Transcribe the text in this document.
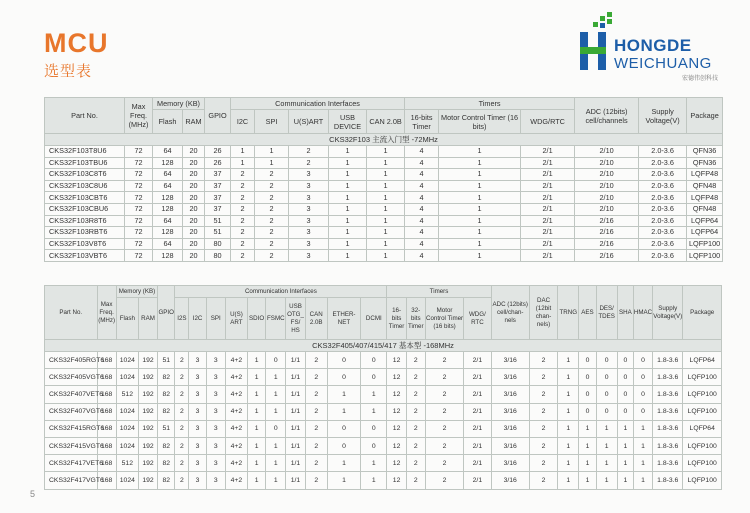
MCU
选型表
HONGDE
WEICHUANG
宏德伟创科技
Part No.	Max Freq. (MHz)	Memory (KB)		GPIO	Communication Interfaces					Timers			ADC (12bits) cell/channels	Supply Voltage(V)	Package
		Flash	RAM		I2C	SPI	U(S)ART	USB DEVICE	CAN 2.0B	16-bits Timer	Motor Control Timer (16 bits)	WDG/RTC			
CKS32F103 主流入门型 -72MHz															
CKS32F103T8U6	72	64	20	26	1	1	2	1	1	4	1	2/1	2/10	2.0-3.6	QFN36
CKS32F103TBU6	72	128	20	26	1	1	2	1	1	4	1	2/1	2/10	2.0-3.6	QFN36
CKS32F103C8T6	72	64	20	37	2	2	3	1	1	4	1	2/1	2/10	2.0-3.6	LQFP48
CKS32F103C8U6	72	64	20	37	2	2	3	1	1	4	1	2/1	2/10	2.0-3.6	QFN48
CKS32F103CBT6	72	128	20	37	2	2	3	1	1	4	1	2/1	2/10	2.0-3.6	LQFP48
CKS32F103CBU6	72	128	20	37	2	2	3	1	1	4	1	2/1	2/10	2.0-3.6	QFN48
CKS32F103R8T6	72	64	20	51	2	2	3	1	1	4	1	2/1	2/16	2.0-3.6	LQFP64
CKS32F103RBT6	72	128	20	51	2	2	3	1	1	4	1	2/1	2/16	2.0-3.6	LQFP64
CKS32F103V8T6	72	64	20	80	2	2	3	1	1	4	1	2/1	2/16	2.0-3.6	LQFP100
CKS32F103VBT6	72	128	20	80	2	2	3	1	1	4	1	2/1	2/16	2.0-3.6	LQFP100
Part No.	Max Freq. (MHz)	Memory (KB)		GPIO	Communication Interfaces										Timers				ADC (12bits) cell/chan- nels	DAC (12bit chan- nels)	TRNG	AES	DES/ TDES	SHA	HMAC	Supply Voltage(V)	Package
		Flash	RAM		I2S	I2C	SPI	U(S) ART	SDIO	FSMC	USB OTG_ FS/ HS	CAN 2.0B	ETHER- NET	DCMI	16- bits Timer	32- bits Timer	Motor Control Timer (16 bits)	WDG/ RTC									
CKS32F405/407/415/417 基本型 -168MHz																											
CKS32F405RGT6	168	1024	192	51	2	3	3	4+2	1	0	1/1	2	0	0	12	2	2	2/1	3/16	2	1	0	0	0	0	1.8-3.6	LQFP64
CKS32F405VGT6	168	1024	192	82	2	3	3	4+2	1	1	1/1	2	0	0	12	2	2	2/1	3/16	2	1	0	0	0	0	1.8-3.6	LQFP100
CKS32F407VET6	168	512	192	82	2	3	3	4+2	1	1	1/1	2	1	1	12	2	2	2/1	3/16	2	1	0	0	0	0	1.8-3.6	LQFP100
CKS32F407VGT6	168	1024	192	82	2	3	3	4+2	1	1	1/1	2	1	1	12	2	2	2/1	3/16	2	1	0	0	0	0	1.8-3.6	LQFP100
CKS32F415RGT6	168	1024	192	51	2	3	3	4+2	1	0	1/1	2	0	0	12	2	2	2/1	3/16	2	1	1	1	1	1	1.8-3.6	LQFP64
CKS32F415VGT6	168	1024	192	82	2	3	3	4+2	1	1	1/1	2	0	0	12	2	2	2/1	3/16	2	1	1	1	1	1	1.8-3.6	LQFP100
CKS32F417VET6	168	512	192	82	2	3	3	4+2	1	1	1/1	2	1	1	12	2	2	2/1	3/16	2	1	1	1	1	1	1.8-3.6	LQFP100
CKS32F417VGT6	168	1024	192	82	2	3	3	4+2	1	1	1/1	2	1	1	12	2	2	2/1	3/16	2	1	1	1	1	1	1.8-3.6	LQFP100
5
